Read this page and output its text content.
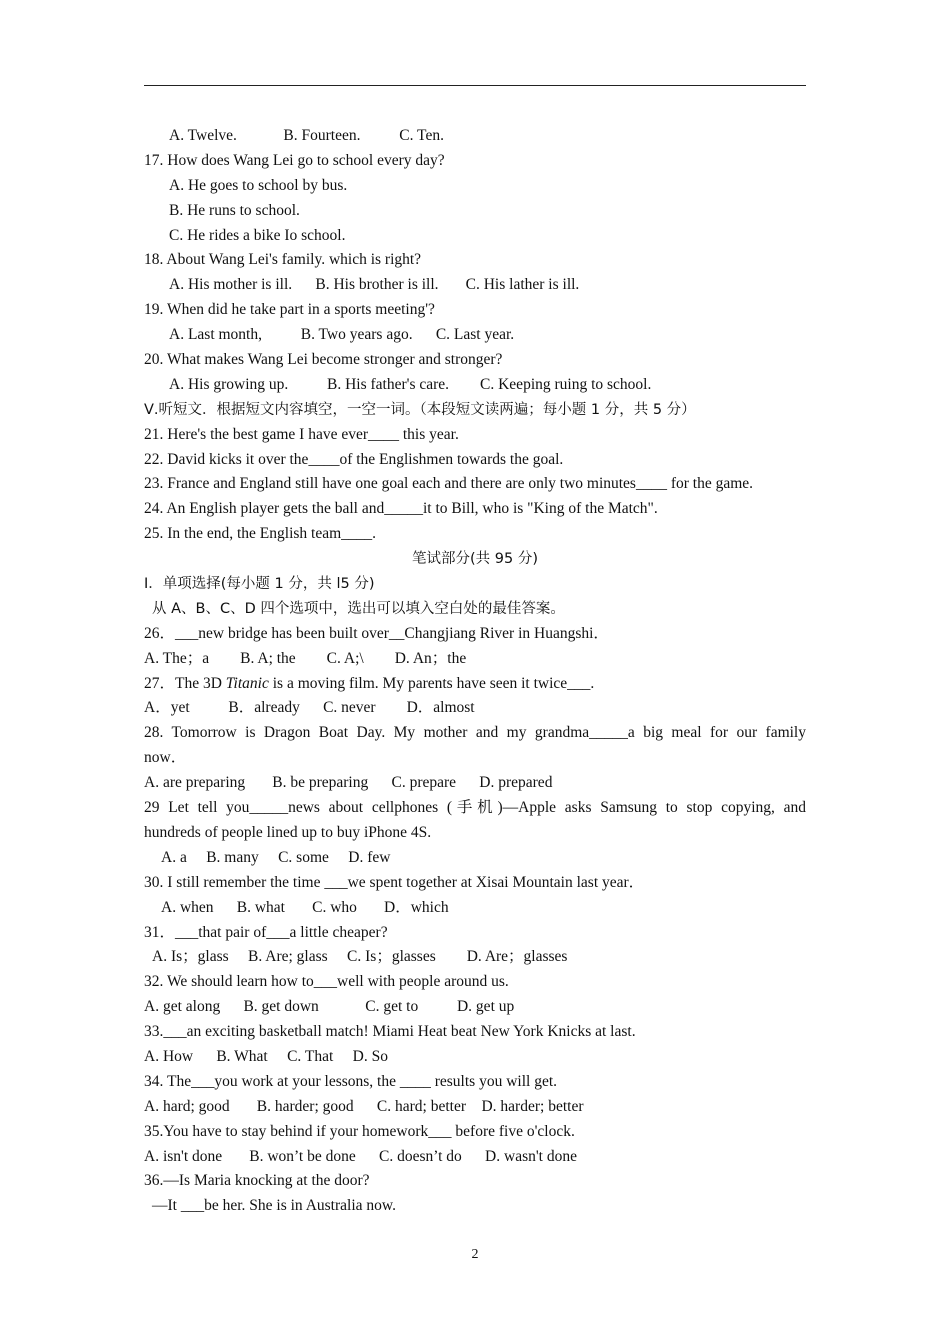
A. Twelve.            B. Fourteen.          C. Ten.
17. How does Wang Lei go to school every day?
A. He goes to school by bus.
B. He runs to school.
C. He rides a bike Io school.
18. About Wang Lei's family. which is right?
A. His mother is ill.      B. His brother is ill.       C. His lather is ill.
19. When did he take part in a sports meeting'?
A. Last month,          B. Two years ago.      C. Last year.
20. What makes Wang Lei become stronger and stronger?
A. His growing up.          B. His father's care.        C. Keeping ruing to school.
Ⅴ.听短文．根据短文内容填空，一空一词。（本段短文读两遍；每小题 1 分，共 5 分）
21. Here's the best game I have ever____ this year.
22. David kicks it over the____of the Englishmen towards the goal.
23. France and England still have one goal each and there are only two minutes____ for the game.
24. An English player gets the ball and_____it to Bill, who is "King of the Match".
25. In the end, the English team____.
笔试部分(共 95 分)
Ⅰ．单项选择(每小题 1 分，共 l5 分)
从 A、B、C、D 四个选项中，选出可以填入空白处的最佳答案。
26．___new bridge has been built over__Changjiang River in Huangshi．
A. The；a        B. A; the        C. A;\        D. An；the
27．The 3D Titanic is a moving film. My parents have seen it twice___.
A．yet          B．already      C. never        D．almost
28. Tomorrow is Dragon Boat Day. My mother and my grandma_____a big meal for our family
now．
A. are preparing       B. be preparing      C. prepare      D. prepared
29 Let tell you_____news about cellphones (手机)—Apple asks Samsung to stop copying, and
hundreds of people lined up to buy iPhone 4S.
A. a     B. many     C. some     D. few
30. I still remember the time ___we spent together at Xisai Mountain last year．
A. when      B. what       C. who       D．which
31．___that pair of___a little cheaper?
A. Is；glass     B. Are; glass     C. Is；glasses        D. Are；glasses
32. We should learn how to___well with people around us.
A. get along      B. get down            C. get to          D. get up
33.___an exciting basketball match! Miami Heat beat New York Knicks at last.
A. How      B. What     C. That     D. So
34. The___you work at your lessons, the ____ results you will get.
A. hard; good       B. harder; good      C. hard; better    D. harder; better
35.You have to stay behind if your homework___ before five o'clock.
A. isn't done       B. won’t be done      C. doesn’t do      D. wasn't done
36.—Is Maria knocking at the door?
—It ___be her. She is in Australia now.
2
